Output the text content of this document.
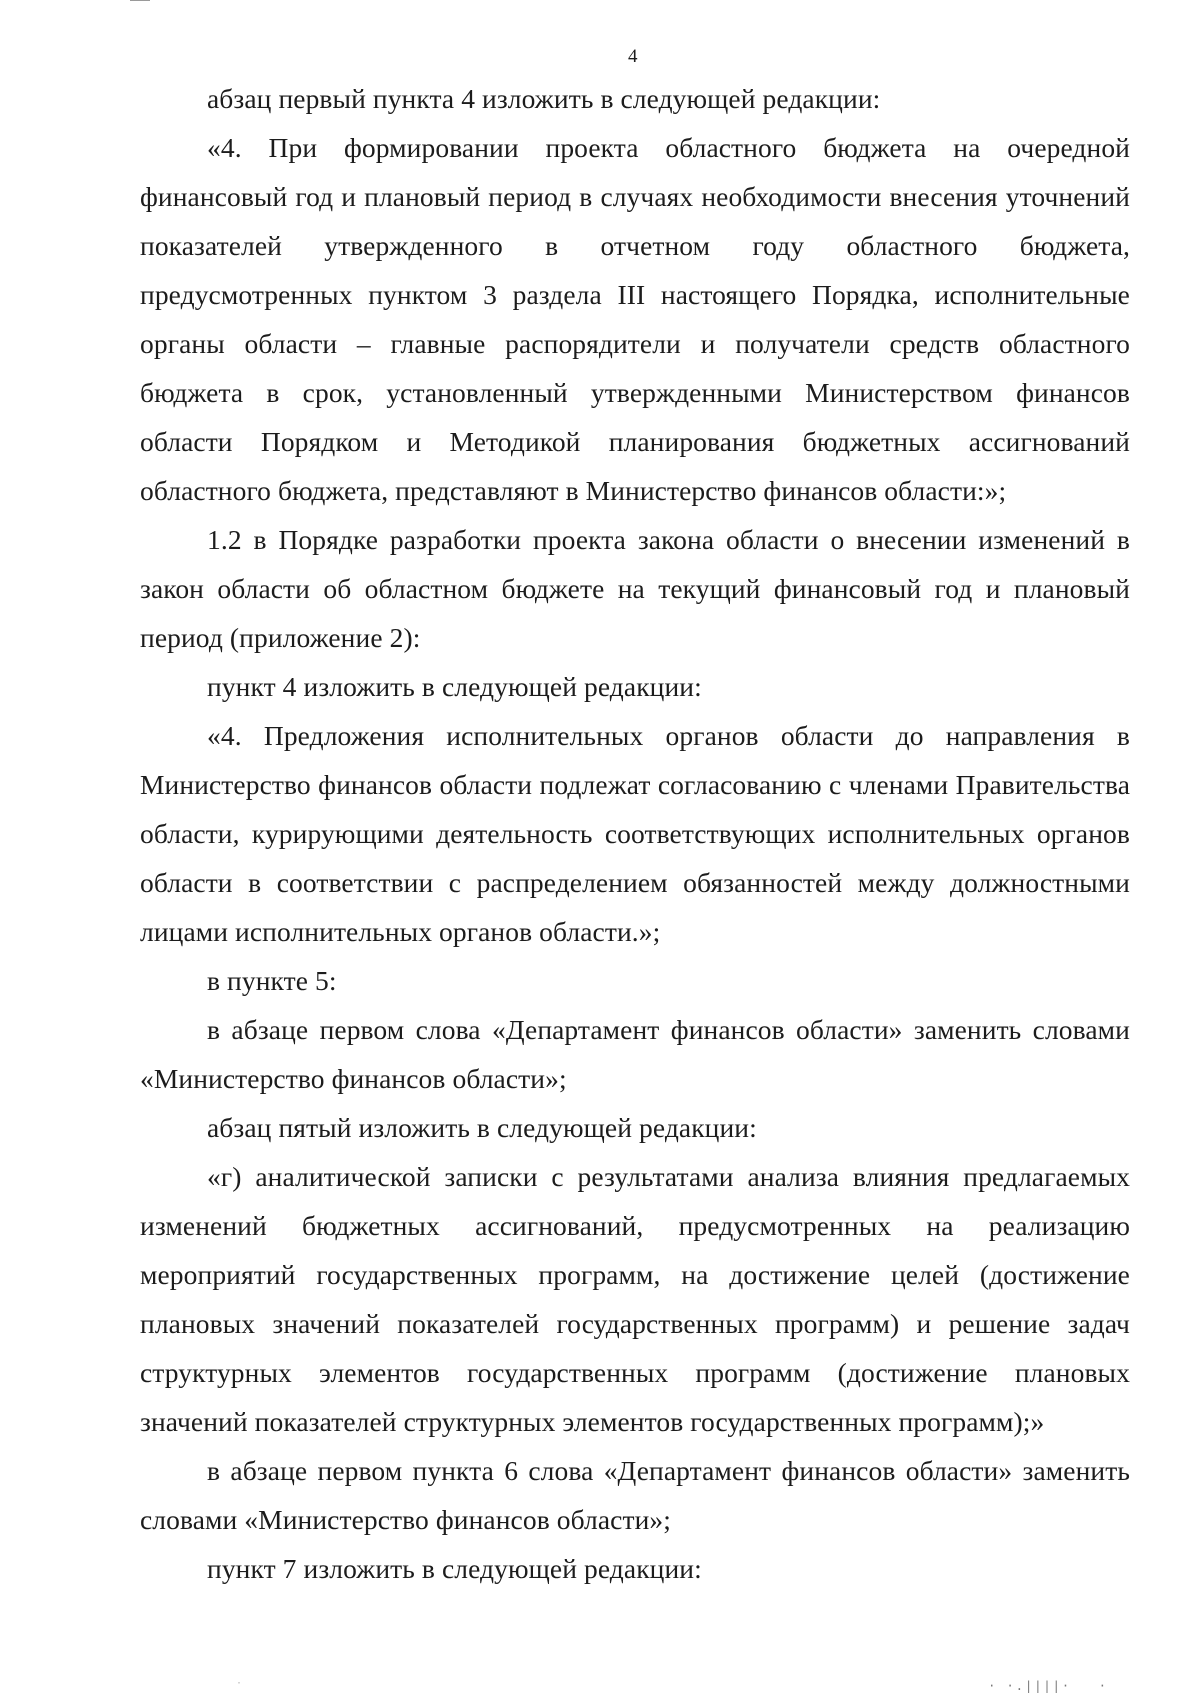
4

абзац первый пункта 4 изложить в следующей редакции:

«4. При формировании проекта областного бюджета на очередной финансовый год и плановый период в случаях необходимости внесения уточнений показателей утвержденного в отчетном году областного бюджета, предусмотренных пунктом 3 раздела III настоящего Порядка, исполнительные органы области – главные распорядители и получатели средств областного бюджета в срок, установленный утвержденными Министерством финансов области Порядком и Методикой планирования бюджетных ассигнований областного бюджета, представляют в Министерство финансов области:»;

1.2 в Порядке разработки проекта закона области о внесении изменений в закон области об областном бюджете на текущий финансовый год и плановый период (приложение 2):

пункт 4 изложить в следующей редакции:

«4. Предложения исполнительных органов области до направления в Министерство финансов области подлежат согласованию с членами Правительства области, курирующими деятельность соответствующих исполнительных органов области в соответствии с распределением обязанностей между должностными лицами исполнительных органов области.»;

в пункте 5:

в абзаце первом слова «Департамент финансов области» заменить словами «Министерство финансов области»;

абзац пятый изложить в следующей редакции:

«г) аналитической записки с результатами анализа влияния предлагаемых изменений бюджетных ассигнований, предусмотренных на реализацию мероприятий государственных программ, на достижение целей (достижение плановых значений показателей государственных программ) и решение задач структурных элементов государственных программ (достижение плановых значений показателей структурных элементов государственных программ);»

в абзаце первом пункта 6 слова «Департамент финансов области» заменить словами «Министерство финансов области»;

пункт 7 изложить в следующей редакции:

·	· ·.||||·   ·
